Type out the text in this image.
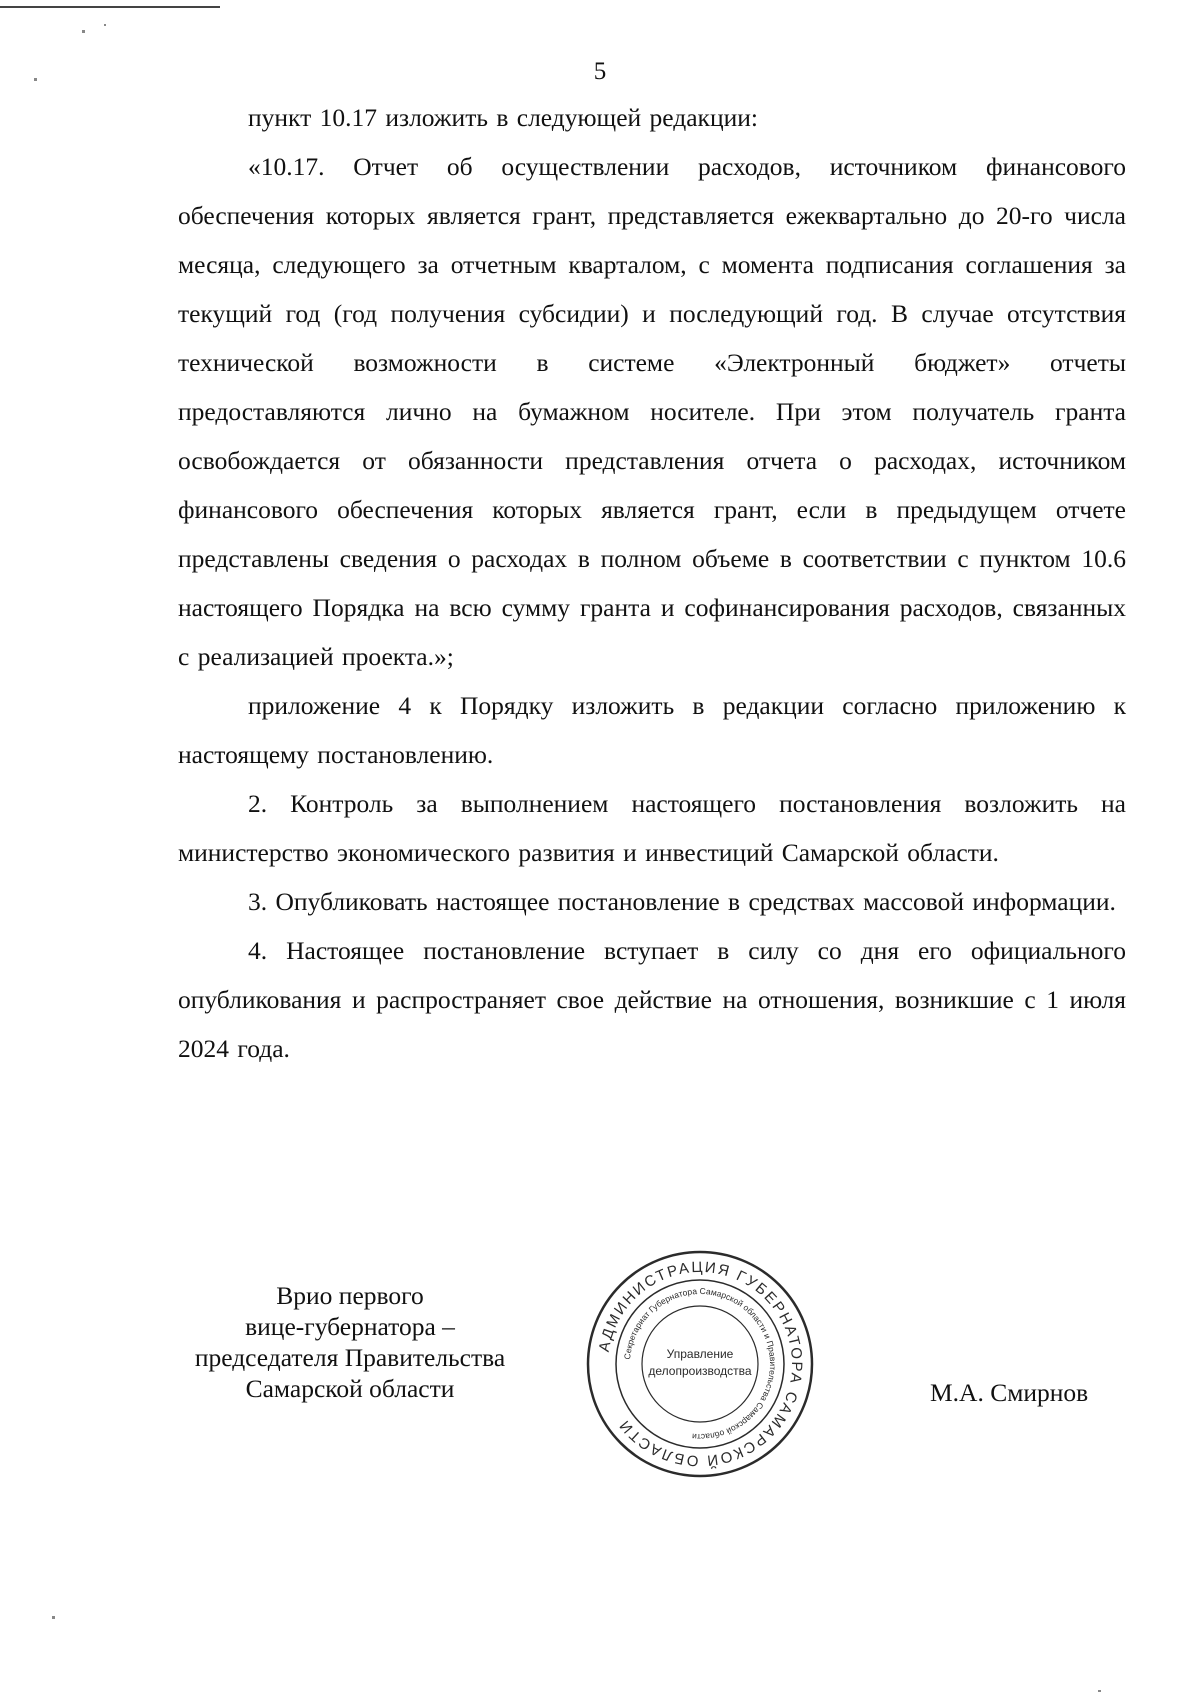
5

пункт 10.17 изложить в следующей редакции:

«10.17. Отчет об осуществлении расходов, источником финансового обеспечения которых является грант, представляется ежеквартально до 20-го числа месяца, следующего за отчетным кварталом, с момента подписания соглашения за текущий год (год получения субсидии) и последующий год. В случае отсутствия технической возможности в системе «Электронный бюджет» отчеты предоставляются лично на бумажном носителе. При этом получатель гранта освобождается от обязанности представления отчета о расходах, источником финансового обеспечения которых является грант, если в предыдущем отчете представлены сведения о расходах в полном объеме в соответствии с пунктом 10.6 настоящего Порядка на всю сумму гранта и софинансирования расходов, связанных с реализацией проекта.»;

приложение 4 к Порядку изложить в редакции согласно приложению к настоящему постановлению.

2. Контроль за выполнением настоящего постановления возложить на министерство экономического развития и инвестиций Самарской области.

3. Опубликовать настоящее постановление в средствах массовой информации.

4. Настоящее постановление вступает в силу со дня его официального опубликования и распространяет свое действие на отношения, возникшие с 1 июля 2024 года.

Врио первого
вице-губернатора –
председателя Правительства
Самарской области
АДМИНИСТРАЦИЯ ГУБЕРНАТОРА САМАРСКОЙ ОБЛАСТИ
Секретариат Губернатора Самарской области и Правительства Самарской области
Управление
делопроизводства
М.А. Смирнов
